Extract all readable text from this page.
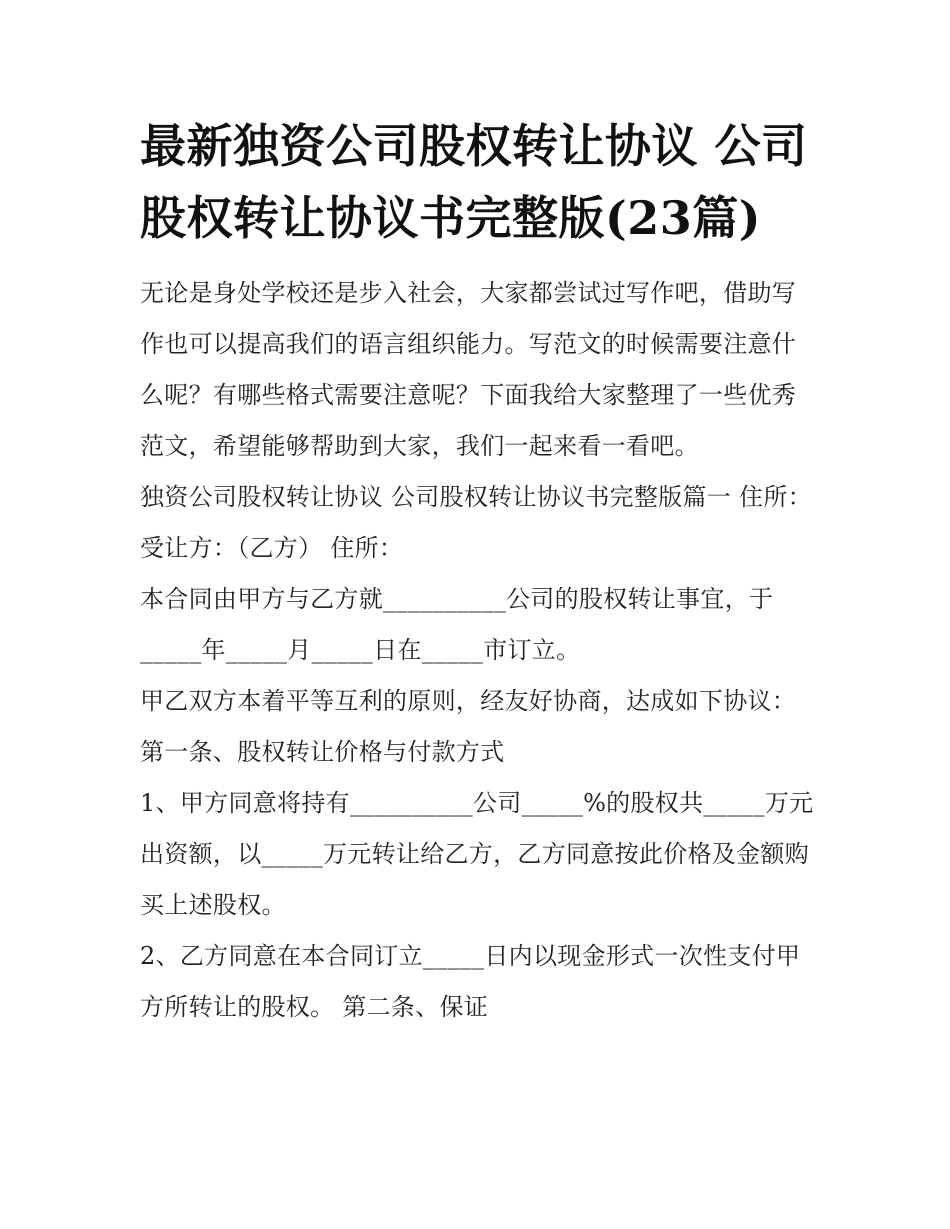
最新独资公司股权转让协议 公司股权转让协议书完整版(23篇)

无论是身处学校还是步入社会，大家都尝试过写作吧，借助写作也可以提高我们的语言组织能力。写范文的时候需要注意什么呢？有哪些格式需要注意呢？下面我给大家整理了一些优秀范文，希望能够帮助到大家，我们一起来看一看吧。

独资公司股权转让协议 公司股权转让协议书完整版篇一 住所： 受让方：（乙方） 住所：

本合同由甲方与乙方就__________公司的股权转让事宜，于_____年_____月_____日在_____市订立。

甲乙双方本着平等互利的原则，经友好协商，达成如下协议：

第一条、股权转让价格与付款方式

1、甲方同意将持有__________公司_____%的股权共_____万元出资额，以_____万元转让给乙方，乙方同意按此价格及金额购买上述股权。

2、乙方同意在本合同订立_____日内以现金形式一次性支付甲方所转让的股权。 第二条、保证
